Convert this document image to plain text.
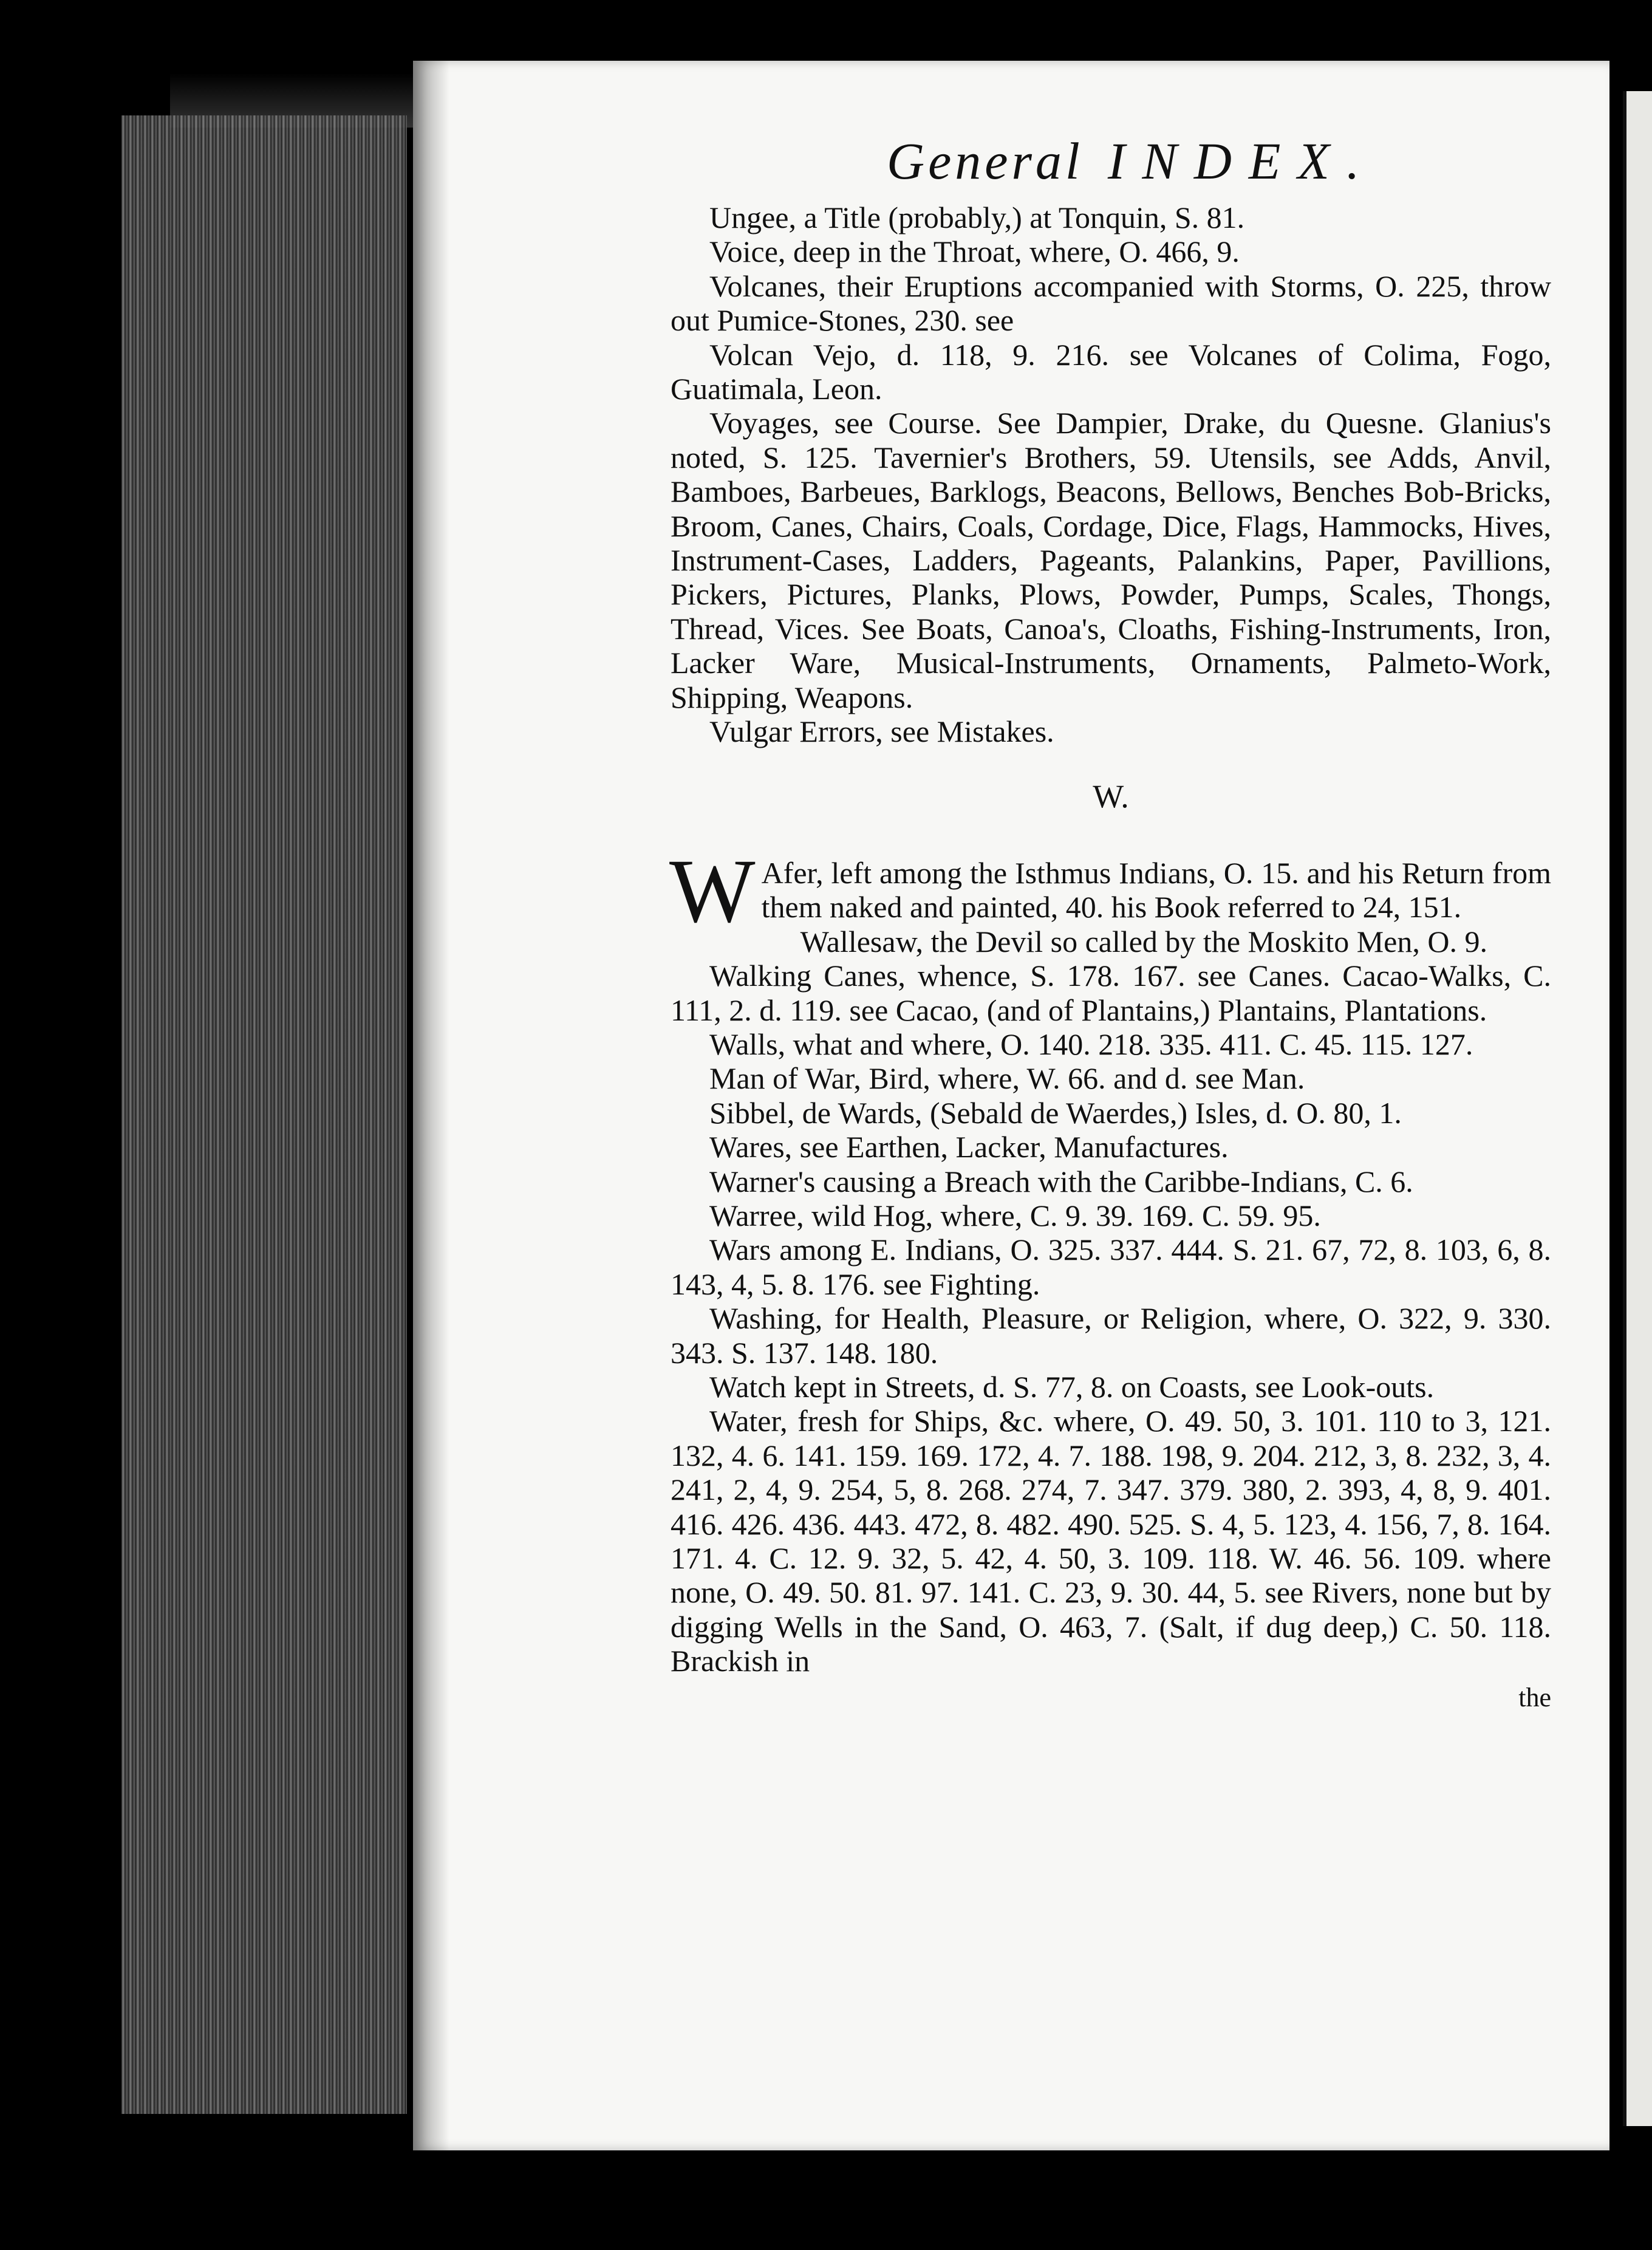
General INDEX.

Ungee, a Title (probably,) at Tonquin, S. 81.

Voice, deep in the Throat, where, O. 466, 9.

Volcanes, their Eruptions accompanied with Storms, O. 225, throw out Pumice-Stones, 230. see

Volcan Vejo, d. 118, 9. 216. see Volcanes of Colima, Fogo, Guatimala, Leon.

Voyages, see Course. See Dampier, Drake, du Quesne. Glanius's noted, S. 125. Tavernier's Brothers, 59. Utensils, see Adds, Anvil, Bamboes, Barbeues, Barklogs, Beacons, Bellows, Benches Bob-Bricks, Broom, Canes, Chairs, Coals, Cordage, Dice, Flags, Hammocks, Hives, Instrument-Cases, Ladders, Pageants, Palankins, Paper, Pavillions, Pickers, Pictures, Planks, Plows, Powder, Pumps, Scales, Thongs, Thread, Vices. See Boats, Canoa's, Cloaths, Fishing-Instruments, Iron, Lacker Ware, Musical-Instruments, Ornaments, Palmeto-Work, Shipping, Weapons.

Vulgar Errors, see Mistakes.

W.

W Afer, left among the Isthmus Indians, O. 15. and his Return from them naked and painted, 40. his Book referred to 24, 151.

Wallesaw, the Devil so called by the Moskito Men, O. 9.

Walking Canes, whence, S. 178. 167. see Canes. Cacao-Walks, C. 111, 2. d. 119. see Cacao, (and of Plantains,) Plantains, Plantations.

Walls, what and where, O. 140. 218. 335. 411. C. 45. 115. 127.

Man of War, Bird, where, W. 66. and d. see Man.

Sibbel, de Wards, (Sebald de Waerdes,) Isles, d. O. 80, 1.

Wares, see Earthen, Lacker, Manufactures.

Warner's causing a Breach with the Caribbe-Indians, C. 6.

Warree, wild Hog, where, C. 9. 39. 169. C. 59. 95.

Wars among E. Indians, O. 325. 337. 444. S. 21. 67, 72, 8. 103, 6, 8. 143, 4, 5. 8. 176. see Fighting.

Washing, for Health, Pleasure, or Religion, where, O. 322, 9. 330. 343. S. 137. 148. 180.

Watch kept in Streets, d. S. 77, 8. on Coasts, see Look-outs.

Water, fresh for Ships, &c. where, O. 49. 50, 3. 101. 110 to 3, 121. 132, 4. 6. 141. 159. 169. 172, 4. 7. 188. 198, 9. 204. 212, 3, 8. 232, 3, 4. 241, 2, 4, 9. 254, 5, 8. 268. 274, 7. 347. 379. 380, 2. 393, 4, 8, 9. 401. 416. 426. 436. 443. 472, 8. 482. 490. 525. S. 4, 5. 123, 4. 156, 7, 8. 164. 171. 4. C. 12. 9. 32, 5. 42, 4. 50, 3. 109. 118. W. 46. 56. 109. where none, O. 49. 50. 81. 97. 141. C. 23, 9. 30. 44, 5. see Rivers, none but by digging Wells in the Sand, O. 463, 7. (Salt, if dug deep,) C. 50. 118. Brackish in

the
